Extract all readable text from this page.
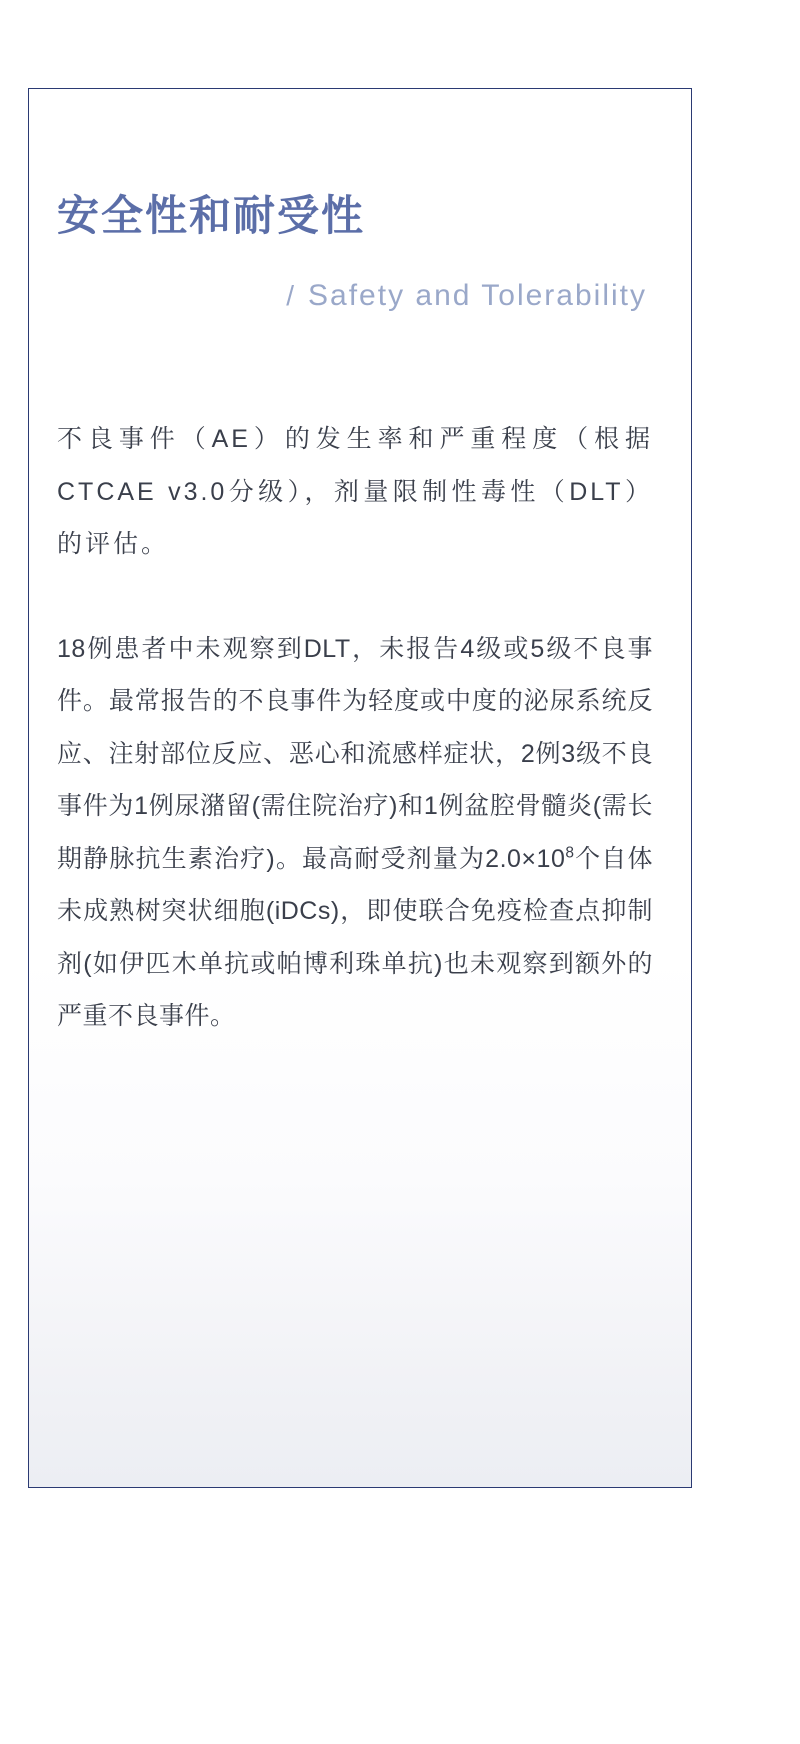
安全性和耐受性
/ Safety and Tolerability

不良事件（AE）的发生率和严重程度（根据CTCAE v3.0分级），剂量限制性毒性（DLT）的评估。

18例患者中未观察到DLT，未报告4级或5级不良事件。最常报告的不良事件为轻度或中度的泌尿系统反应、注射部位反应、恶心和流感样症状，2例3级不良事件为1例尿潴留(需住院治疗)和1例盆腔骨髓炎(需长期静脉抗生素治疗)。最高耐受剂量为$2.0\times 10^8$个自体未成熟树突状细胞(iDCs)，即使联合免疫检查点抑制剂(如伊匹木单抗或帕博利珠单抗)也未观察到额外的严重不良事件。
